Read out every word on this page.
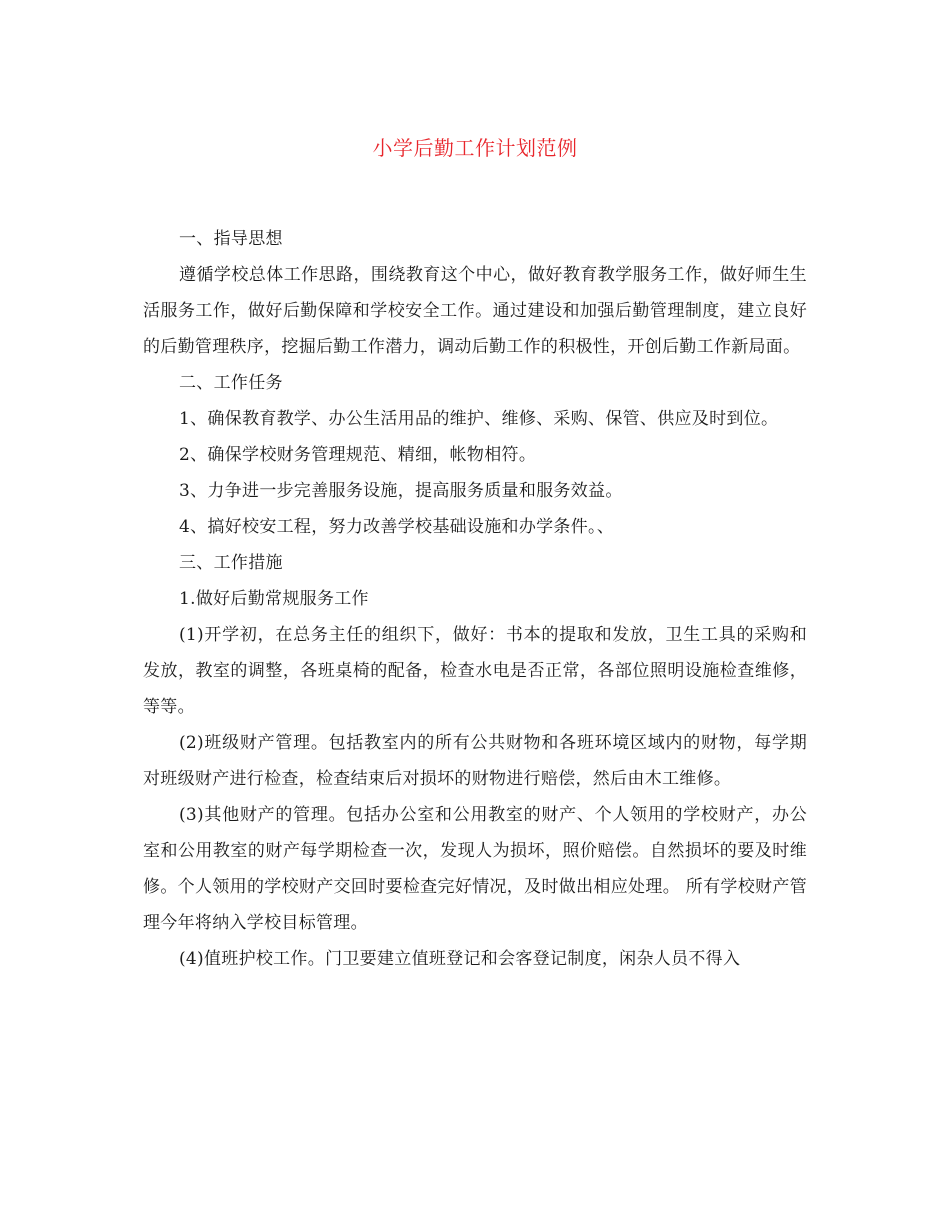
小学后勤工作计划范例

一、指导思想

遵循学校总体工作思路，围绕教育这个中心，做好教育教学服务工作，做好师生生活服务工作，做好后勤保障和学校安全工作。通过建设和加强后勤管理制度，建立良好的后勤管理秩序，挖掘后勤工作潜力，调动后勤工作的积极性，开创后勤工作新局面。

二、工作任务

1、确保教育教学、办公生活用品的维护、维修、采购、保管、供应及时到位。

2、确保学校财务管理规范、精细，帐物相符。

3、力争进一步完善服务设施，提高服务质量和服务效益。

4、搞好校安工程，努力改善学校基础设施和办学条件。、

三、工作措施

1.做好后勤常规服务工作

(1)开学初，在总务主任的组织下，做好：书本的提取和发放，卫生工具的采购和发放，教室的调整，各班桌椅的配备，检查水电是否正常，各部位照明设施检查维修，等等。

(2)班级财产管理。包括教室内的所有公共财物和各班环境区域内的财物，每学期对班级财产进行检查，检查结束后对损坏的财物进行赔偿，然后由木工维修。

(3)其他财产的管理。包括办公室和公用教室的财产、个人领用的学校财产，办公室和公用教室的财产每学期检查一次，发现人为损坏，照价赔偿。自然损坏的要及时维修。个人领用的学校财产交回时要检查完好情况，及时做出相应处理。 所有学校财产管理今年将纳入学校目标管理。

(4)值班护校工作。门卫要建立值班登记和会客登记制度，闲杂人员不得入
